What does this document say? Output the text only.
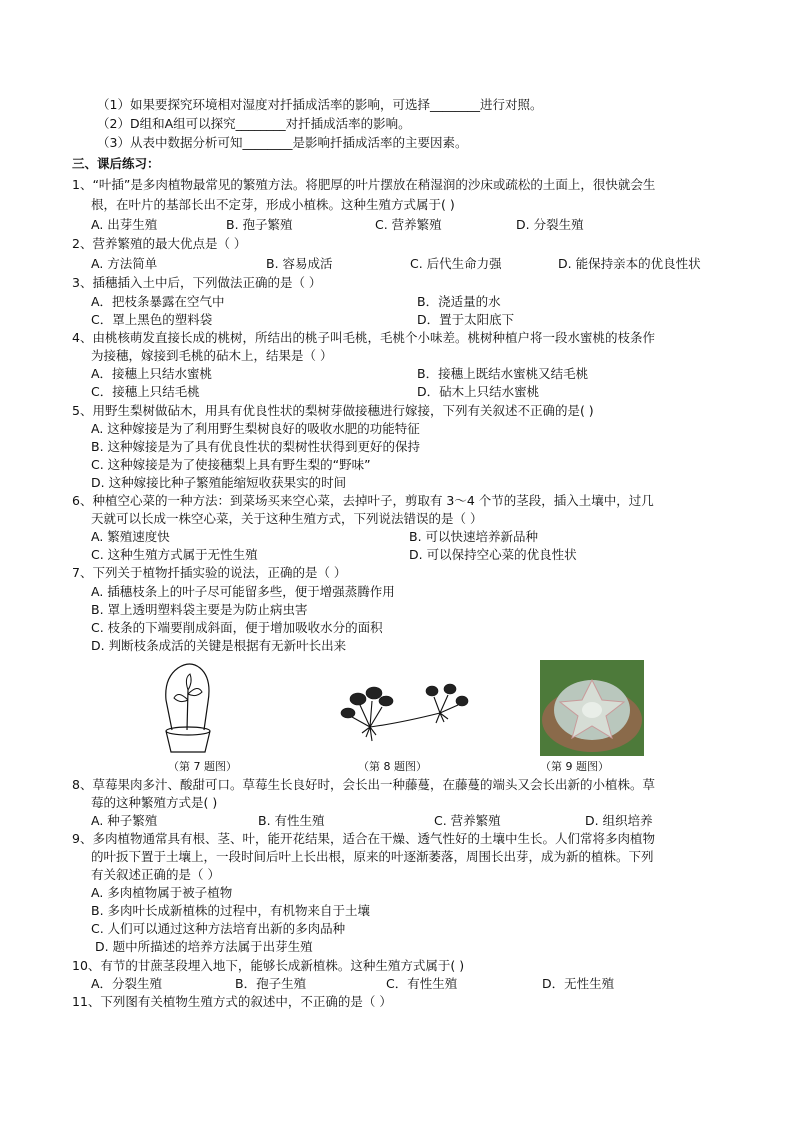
（1）如果要探究环境相对湿度对扦插成活率的影响，可选择________进行对照。
（2）D组和A组可以探究________对扦插成活率的影响。
（3）从表中数据分析可知________是影响扦插成活率的主要因素。
三、课后练习：
1、“叶插”是多肉植物最常见的繁殖方法。将肥厚的叶片摆放在稍湿润的沙床或疏松的土面上，很快就会生
根，在叶片的基部长出不定芽，形成小植株。这种生殖方式属于( )
A. 出芽生殖	B. 孢子繁殖	C. 营养繁殖	D. 分裂生殖
2、营养繁殖的最大优点是（ ）
A. 方法简单	B. 容易成活	C. 后代生命力强	D. 能保持亲本的优良性状
3、插穗插入土中后，下列做法正确的是（ ）
A．把枝条暴露在空气中	B．浇适量的水
C．罩上黑色的塑料袋	D．置于太阳底下
4、由桃核萌发直接长成的桃树，所结出的桃子叫毛桃，毛桃个小味差。桃树种植户将一段水蜜桃的枝条作
为接穗，嫁接到毛桃的砧木上，结果是（ ）
A．接穗上只结水蜜桃	B．接穗上既结水蜜桃又结毛桃
C．接穗上只结毛桃	D．砧木上只结水蜜桃
5、用野生梨树做砧木，用具有优良性状的梨树芽做接穗进行嫁接，下列有关叙述不正确的是( )
A. 这种嫁接是为了利用野生梨树良好的吸收水肥的功能特征
B. 这种嫁接是为了具有优良性状的梨树性状得到更好的保持
C. 这种嫁接是为了使接穗梨上具有野生梨的“野味”
D. 这种嫁接比种子繁殖能缩短收获果实的时间
6、种植空心菜的一种方法：到菜场买来空心菜，去掉叶子，剪取有 3～4 个节的茎段，插入土壤中，过几
天就可以长成一株空心菜，关于这种生殖方式，下列说法错误的是（ ）
A. 繁殖速度快	B. 可以快速培养新品种
C. 这种生殖方式属于无性生殖	D. 可以保持空心菜的优良性状
7、下列关于植物扦插实验的说法，正确的是（ ）
A. 插穗枝条上的叶子尽可能留多些，便于增强蒸腾作用
B. 罩上透明塑料袋主要是为防止病虫害
C. 枝条的下端要削成斜面，便于增加吸收水分的面积
D. 判断枝条成活的关键是根据有无新叶长出来
（第 7 题图）	（第 8 题图）	（第 9 题图）
8、草莓果肉多汁、酸甜可口。草莓生长良好时，会长出一种藤蔓，在藤蔓的端头又会长出新的小植株。草
莓的这种繁殖方式是( )
A. 种子繁殖	B. 有性生殖	C. 营养繁殖	D. 组织培养
9、多肉植物通常具有根、茎、叶，能开花结果，适合在干燥、透气性好的土壤中生长。人们常将多肉植物
的叶扳下置于土壤上，一段时间后叶上长出根，原来的叶逐渐萎落，周围长出芽，成为新的植株。下列
有关叙述正确的是（ ）
A. 多肉植物属于被子植物
B. 多肉叶长成新植株的过程中，有机物来自于土壤
C. 人们可以通过这种方法培育出新的多肉品种
D. 题中所描述的培养方法属于出芽生殖
10、有节的甘蔗茎段埋入地下，能够长成新植株。这种生殖方式属于( )
A．分裂生殖	B．孢子生殖	C．有性生殖	D．无性生殖
11、下列图有关植物生殖方式的叙述中，不正确的是（ ）
